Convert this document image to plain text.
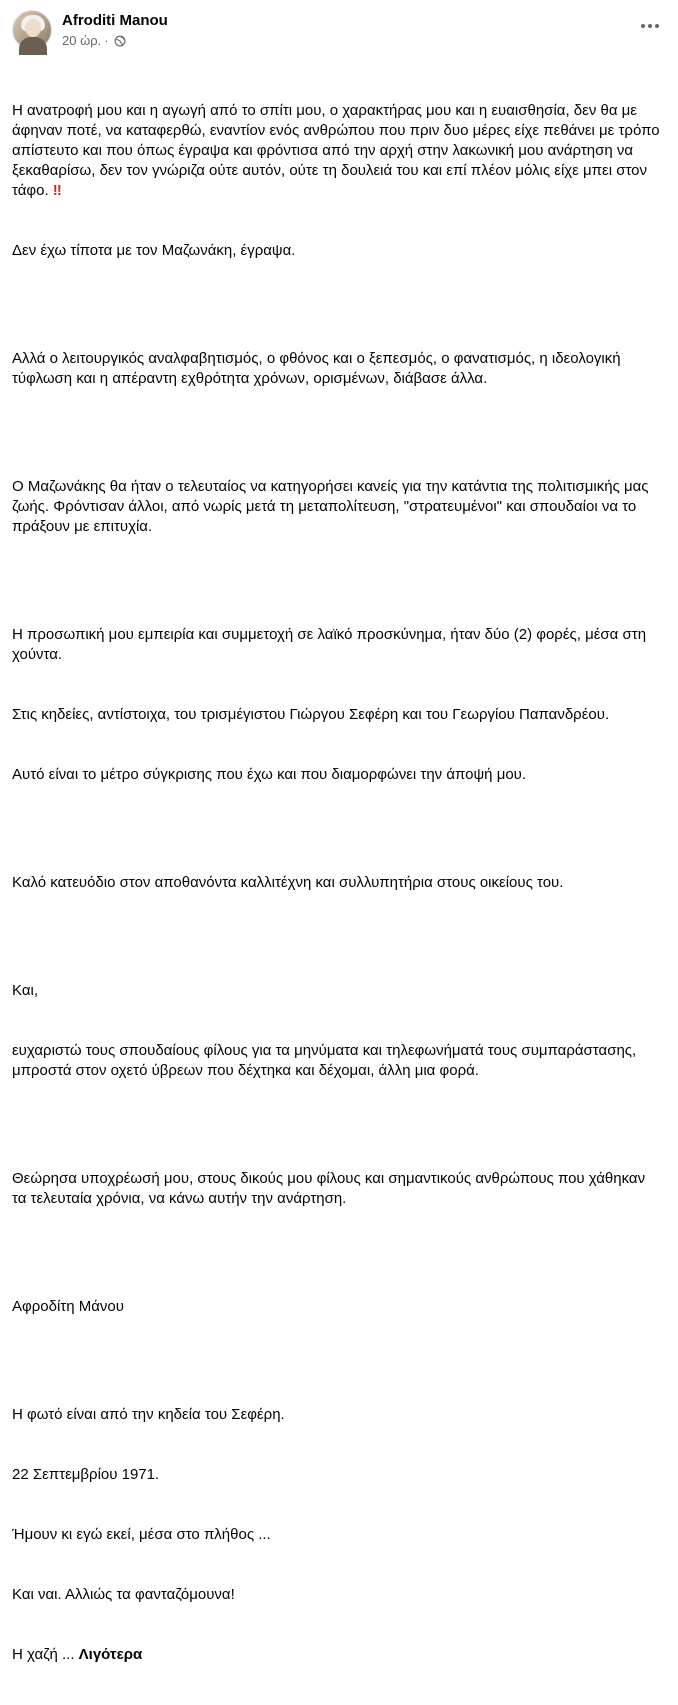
Afroditi Manou
20 ώρ. ·

Η ανατροφή μου και η αγωγή από το σπίτι μου, ο χαρακτήρας μου και η ευαισθησία, δεν θα με άφηναν ποτέ, να καταφερθώ, εναντίον ενός ανθρώπου που πριν δυο μέρες είχε πεθάνει με τρόπο απίστευτο και που όπως έγραψα και φρόντισα από την αρχή στην λακωνική μου ανάρτηση να ξεκαθαρίσω, δεν τον γνώριζα ούτε αυτόν, ούτε τη δουλειά του και επί πλέον μόλις είχε μπει στον τάφο. ‼

Δεν έχω τίποτα με τον Μαζωνάκη, έγραψα.

Αλλά ο λειτουργικός αναλφαβητισμός, ο φθόνος και ο ξεπεσμός, ο φανατισμός, η ιδεολογική τύφλωση και η απέραντη εχθρότητα χρόνων, ορισμένων, διάβασε άλλα.

Ο Μαζωνάκης θα ήταν ο τελευταίος να κατηγορήσει κανείς για την κατάντια της πολιτισμικής μας ζωής. Φρόντισαν άλλοι, από νωρίς μετά τη μεταπολίτευση, "στρατευμένοι" και σπουδαίοι να το πράξουν με επιτυχία.

Η προσωπική μου εμπειρία και συμμετοχή σε λαϊκό προσκύνημα, ήταν δύο (2) φορές, μέσα στη χούντα.

Στις κηδείες, αντίστοιχα, του τρισμέγιστου Γιώργου Σεφέρη και του Γεωργίου Παπανδρέου.

Αυτό είναι το μέτρο σύγκρισης που έχω και που διαμορφώνει την άποψή μου.

Καλό κατευόδιο στον αποθανόντα καλλιτέχνη και συλλυπητήρια στους οικείους του.

Και,

ευχαριστώ τους σπουδαίους φίλους για τα μηνύματα και τηλεφωνήματά τους συμπαράστασης, μπροστά στον οχετό ύβρεων που δέχτηκα και δέχομαι, άλλη μια φορά.

Θεώρησα υποχρέωσή μου, στους δικούς μου φίλους και σημαντικούς ανθρώπους που χάθηκαν τα τελευταία χρόνια, να κάνω αυτήν την ανάρτηση.

Αφροδίτη Μάνου

Η φωτό είναι από την κηδεία του Σεφέρη.

22 Σεπτεμβρίου 1971.

Ήμουν κι εγώ εκεί, μέσα στο πλήθος ...

Και ναι. Αλλιώς τα φανταζόμουνα!

Η χαζή ... Λιγότερα
